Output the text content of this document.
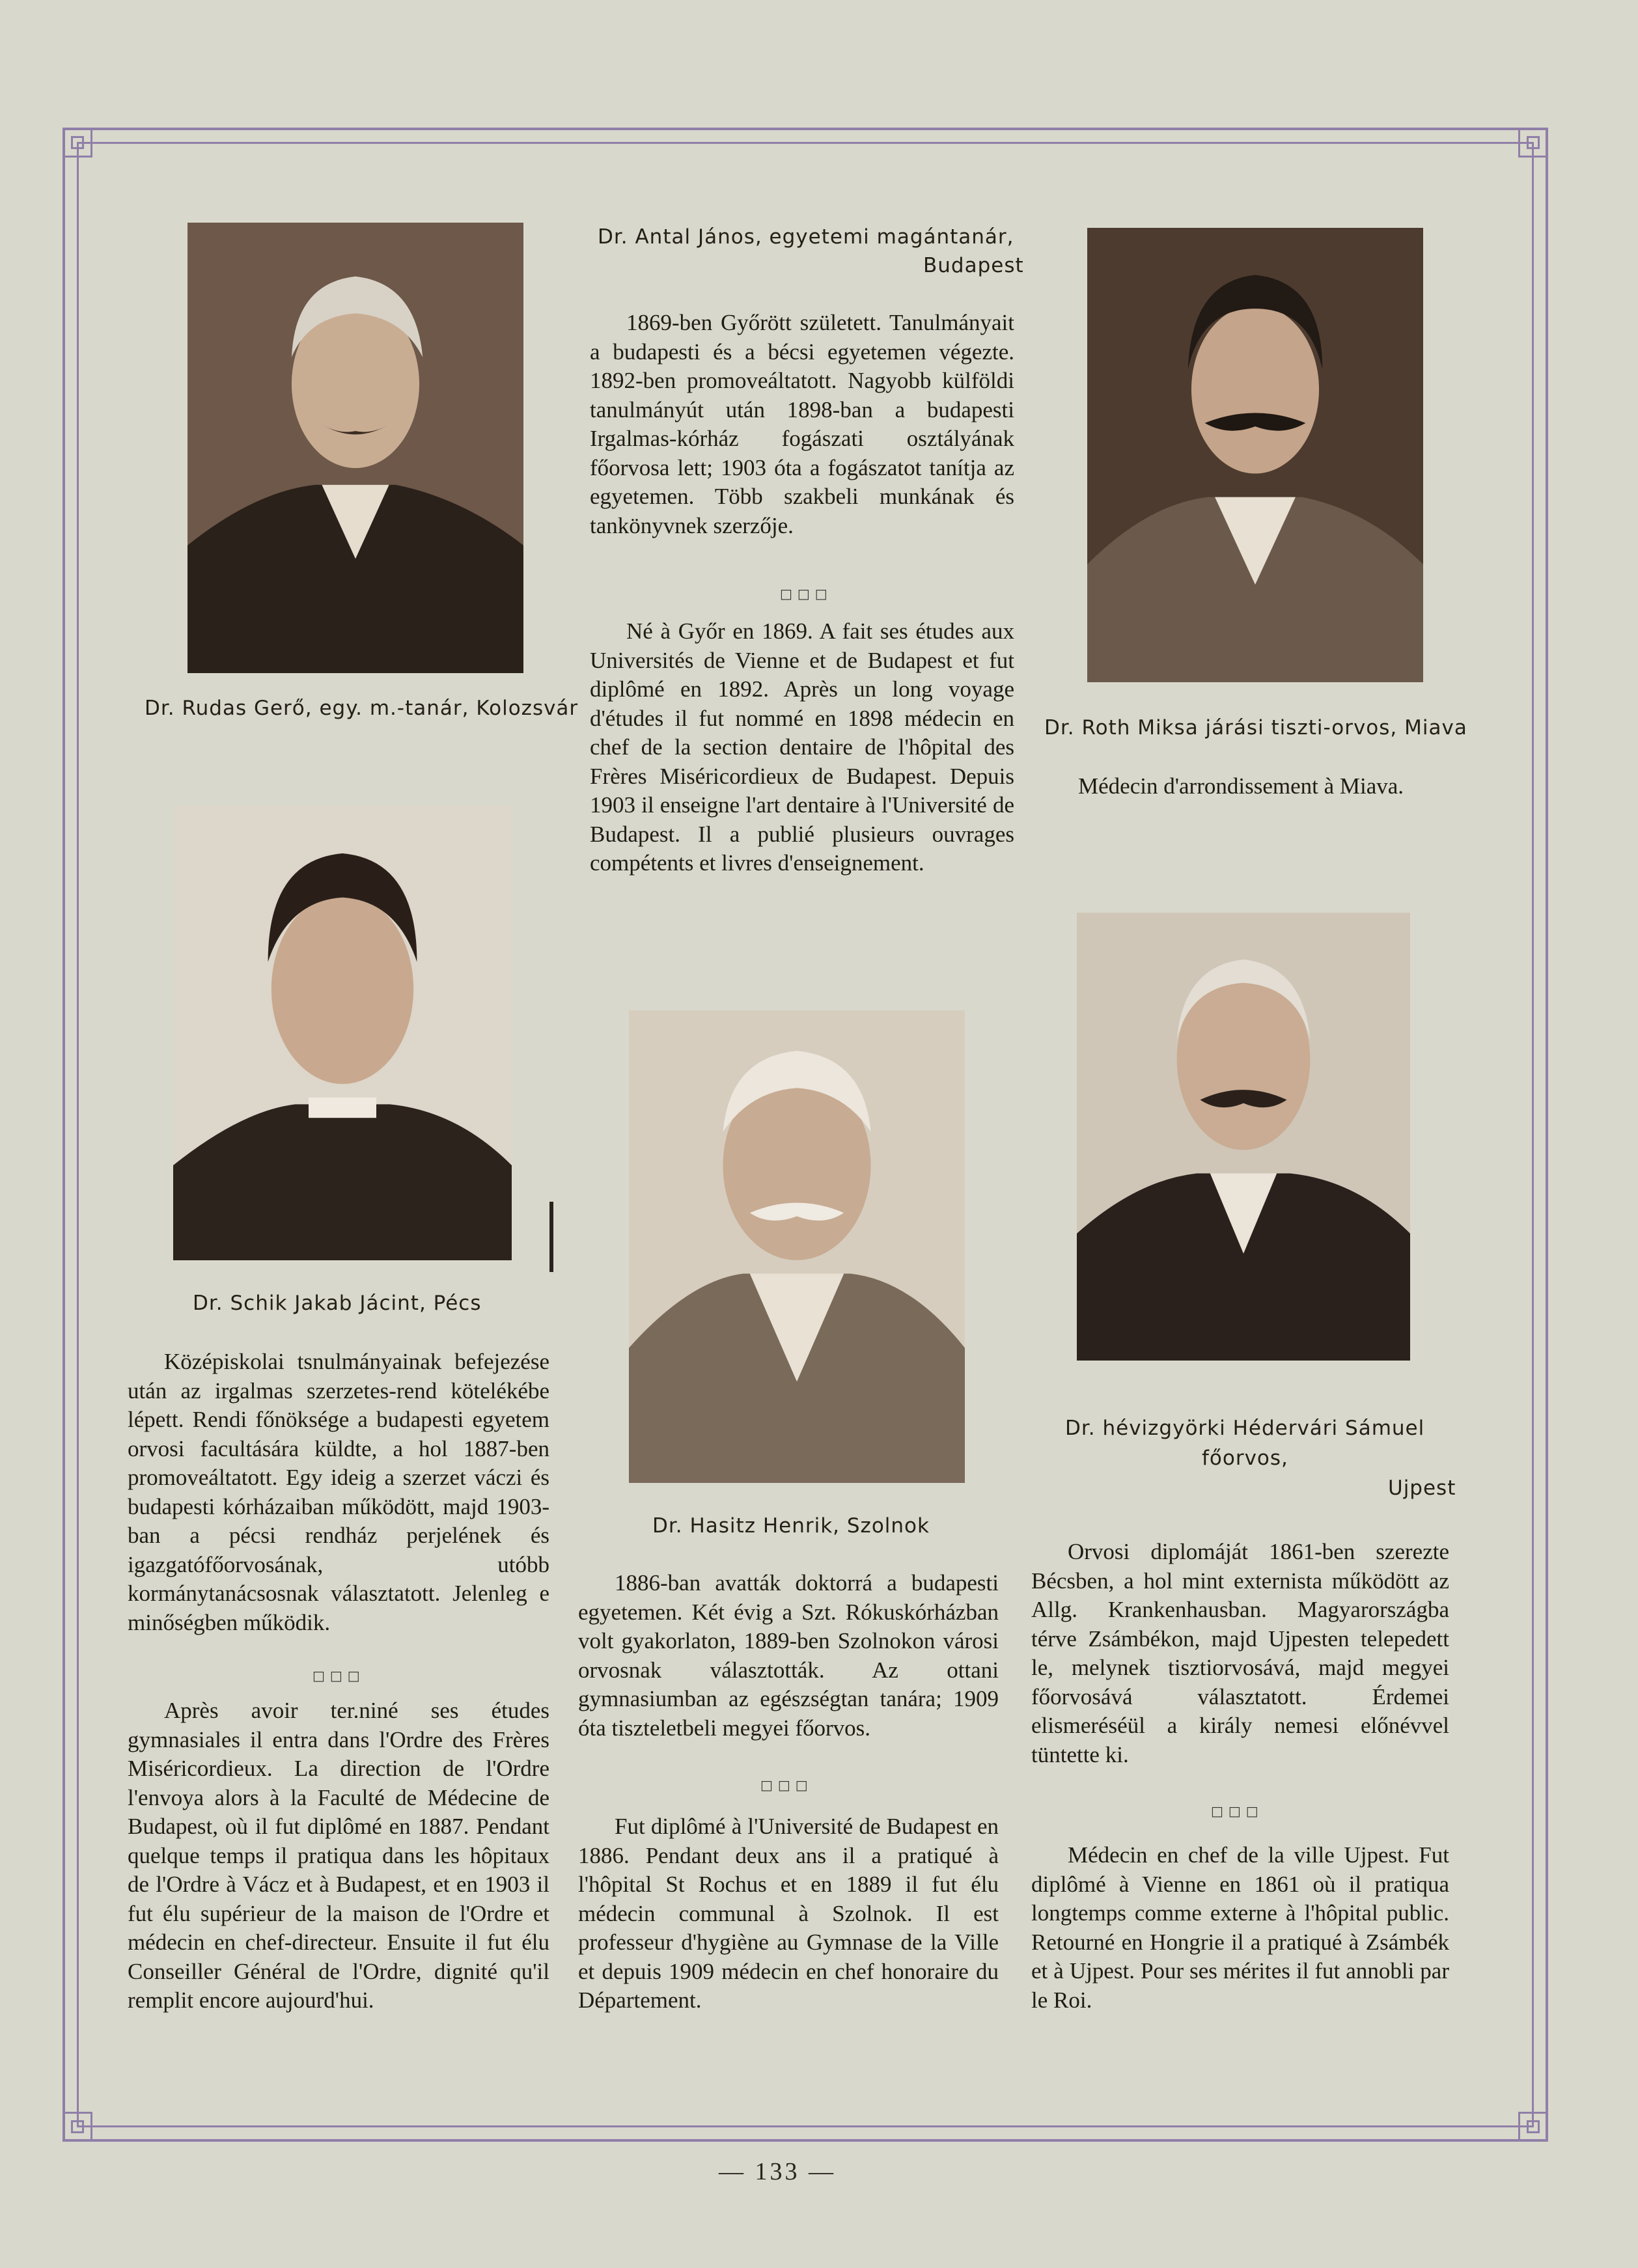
Dr. Rudas Gerő, egy. m.-tanár, Kolozsvár
Dr. Antal János, egyetemi magántanár,
Budapest

1869-ben Győrött született. Tanulmányait a budapesti és a bécsi egyetemen végezte. 1892-ben promoveáltatott. Nagyobb külföldi tanulmányút után 1898-ban a budapesti Irgalmas-kórház fogászati osztályának főorvosa lett; 1903 óta a fogászatot tanítja az egyetemen. Több szakbeli munkának és tankönyvnek szerzője.

□□□

Né à Győr en 1869. A fait ses études aux Universités de Vienne et de Budapest et fut diplômé en 1892. Après un long voyage d'études il fut nommé en 1898 médecin en chef de la section dentaire de l'hôpital des Frères Miséricordieux de Budapest. Depuis 1903 il enseigne l'art dentaire à l'Université de Budapest. Il a publié plusieurs ouvrages compétents et livres d'enseignement.

Dr. Roth Miksa járási tiszti-orvos, Miava
Médecin d'arrondissement à Miava.
Dr. Schik Jakab Jácint, Pécs

Középiskolai tsnulmányainak befejezése után az irgalmas szerzetes-rend kötelékébe lépett. Rendi főnöksége a budapesti egyetem orvosi facultására küldte, a hol 1887-ben promoveáltatott. Egy ideig a szerzet váczi és budapesti kórházaiban működött, majd 1903-ban a pécsi rendház perjelének és igazgatófőorvosának, utóbb kormánytanácsosnak választatott. Jelenleg e minőségben működik.

□□□

Après avoir ter.niné ses études gymnasiales il entra dans l'Ordre des Frères Miséricordieux. La direction de l'Ordre l'envoya alors à la Faculté de Médecine de Budapest, où il fut diplômé en 1887. Pendant quelque temps il pratiqua dans les hôpitaux de l'Ordre à Vácz et à Budapest, et en 1903 il fut élu supérieur de la maison de l'Ordre et médecin en chef-directeur. Ensuite il fut élu Conseiller Général de l'Ordre, dignité qu'il remplit encore aujourd'hui.

Dr. Hasitz Henrik, Szolnok

1886-ban avatták doktorrá a budapesti egyetemen. Két évig a Szt. Rókuskórházban volt gyakorlaton, 1889-ben Szolnokon városi orvosnak választották. Az ottani gymnasiumban az egészségtan tanára; 1909 óta tiszteletbeli megyei főorvos.

□□□

Fut diplômé à l'Université de Budapest en 1886. Pendant deux ans il a pratiqué à l'hôpital St Rochus et en 1889 il fut élu médecin communal à Szolnok. Il est professeur d'hygiène au Gymnase de la Ville et depuis 1909 médecin en chef honoraire du Département.

Dr. hévizgyörki Hédervári Sámuel
főorvos,
Ujpest

Orvosi diplomáját 1861-ben szerezte Bécsben, a hol mint externista működött az Allg. Krankenhausban. Magyarországba térve Zsámbékon, majd Ujpesten telepedett le, melynek tisztiorvosává, majd megyei főorvosává választatott. Érdemei elismeréséül a király nemesi előnévvel tüntette ki.

□□□

Médecin en chef de la ville Ujpest. Fut diplômé à Vienne en 1861 où il pratiqua longtemps comme externe à l'hôpital public. Retourné en Hongrie il a pratiqué à Zsámbék et à Ujpest. Pour ses mérites il fut annobli par le Roi.

— 133 —
